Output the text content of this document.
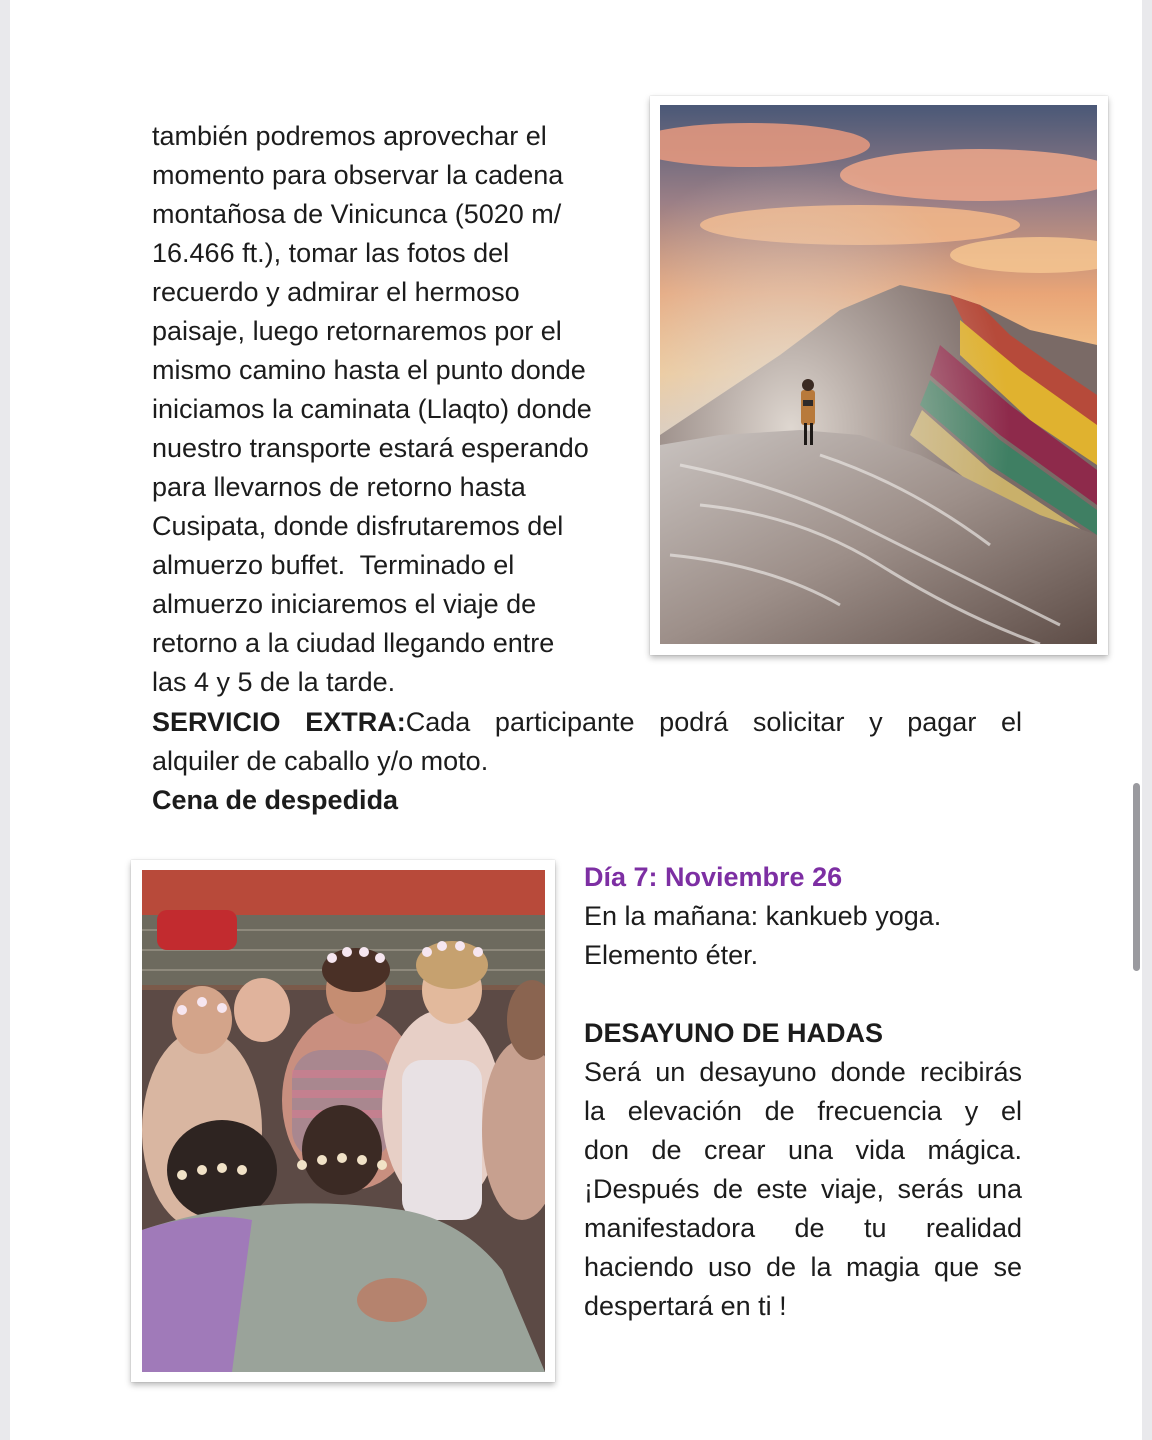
también podremos aprovechar el
momento para observar la cadena
montañosa de Vinicunca (5020 m/
16.466 ft.), tomar las fotos del
recuerdo y admirar el hermoso
paisaje, luego retornaremos por el
mismo camino hasta el punto donde
iniciamos la caminata (Llaqto) donde
nuestro transporte estará esperando
para llevarnos de retorno hasta
Cusipata, donde disfrutaremos del
almuerzo buffet.  Terminado el
almuerzo iniciaremos el viaje de
retorno a la ciudad llegando entre
las 4 y 5 de la tarde.
SERVICIO EXTRA:Cada participante podrá solicitar y pagar el
alquiler de caballo y/o moto.
Cena de despedida
Día 7: Noviembre 26
En la mañana: kankueb yoga.
Elemento éter.
DESAYUNO DE HADAS
Será un desayuno donde recibirás
la elevación de frecuencia y el
don de crear una vida mágica.
¡Después de este viaje, serás una
manifestadora de tu realidad
haciendo uso de la magia que se
despertará en ti !
